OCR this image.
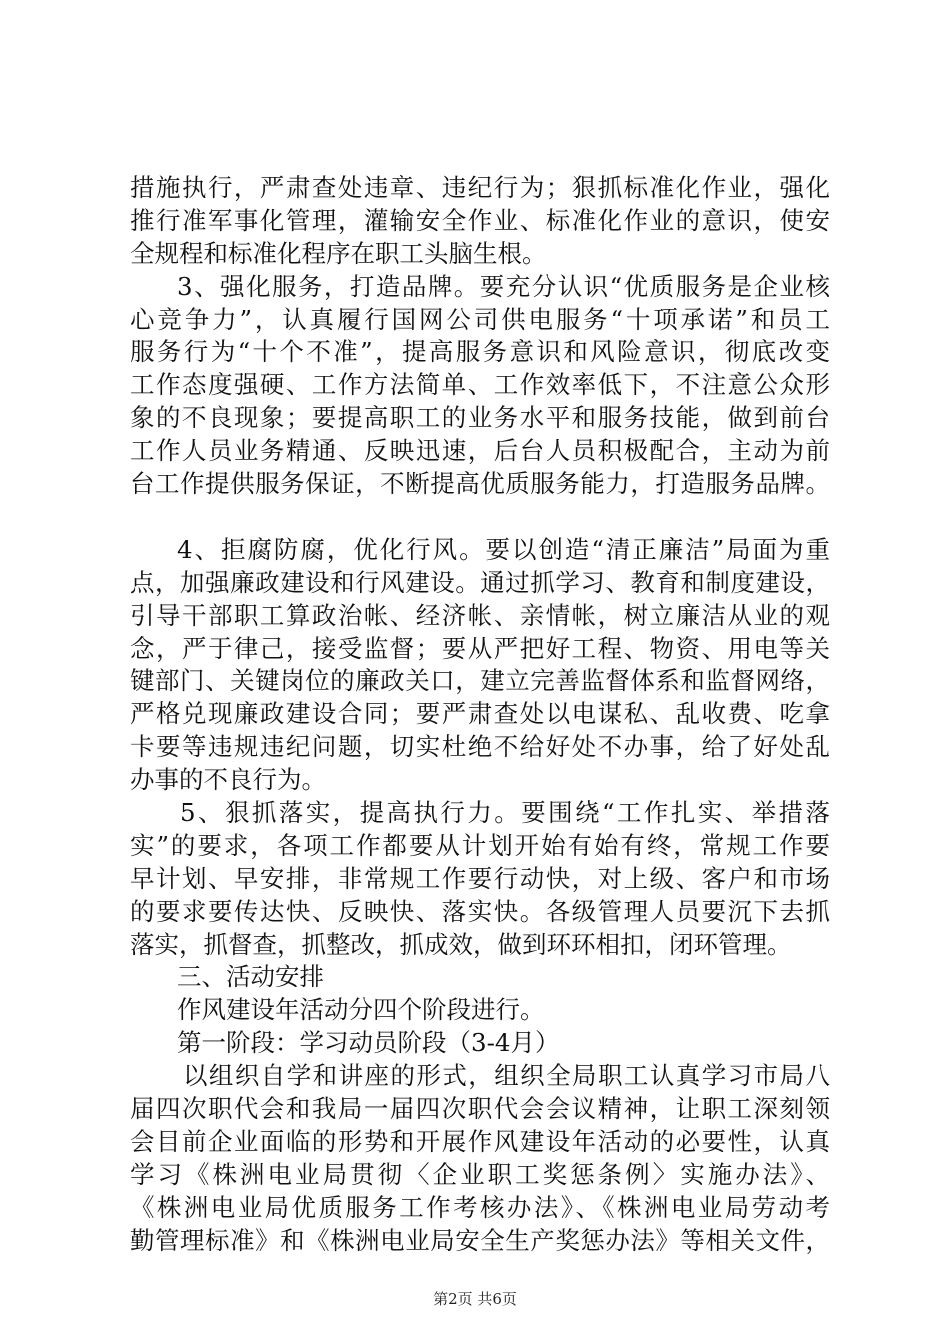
措施执行，严肃查处违章、违纪行为；狠抓标准化作业，强化
推行准军事化管理，灌输安全作业、标准化作业的意识，使安
全规程和标准化程序在职工头脑生根。
3、强化服务，打造品牌。要充分认识“优质服务是企业核
心竞争力”，认真履行国网公司供电服务“十项承诺”和员工
服务行为“十个不准”，提高服务意识和风险意识，彻底改变
工作态度强硬、工作方法简单、工作效率低下，不注意公众形
象的不良现象；要提高职工的业务水平和服务技能，做到前台
工作人员业务精通、反映迅速，后台人员积极配合，主动为前
台工作提供服务保证，不断提高优质服务能力，打造服务品牌。
4、拒腐防腐，优化行风。要以创造“清正廉洁”局面为重
点，加强廉政建设和行风建设。通过抓学习、教育和制度建设，
引导干部职工算政治帐、经济帐、亲情帐，树立廉洁从业的观
念，严于律己，接受监督；要从严把好工程、物资、用电等关
键部门、关键岗位的廉政关口，建立完善监督体系和监督网络，
严格兑现廉政建设合同；要严肃查处以电谋私、乱收费、吃拿
卡要等违规违纪问题，切实杜绝不给好处不办事，给了好处乱
办事的不良行为。
5、狠抓落实，提高执行力。要围绕“工作扎实、举措落
实”的要求，各项工作都要从计划开始有始有终，常规工作要
早计划、早安排，非常规工作要行动快，对上级、客户和市场
的要求要传达快、反映快、落实快。各级管理人员要沉下去抓
落实，抓督查，抓整改，抓成效，做到环环相扣，闭环管理。
三、活动安排
作风建设年活动分四个阶段进行。
第一阶段：学习动员阶段（3-4月）
以组织自学和讲座的形式，组织全局职工认真学习市局八
届四次职代会和我局一届四次职代会会议精神，让职工深刻领
会目前企业面临的形势和开展作风建设年活动的必要性，认真
学习《株洲电业局贯彻〈企业职工奖惩条例〉实施办法》、
《株洲电业局优质服务工作考核办法》、《株洲电业局劳动考
勤管理标准》和《株洲电业局安全生产奖惩办法》等相关文件，
第2页 共6页
